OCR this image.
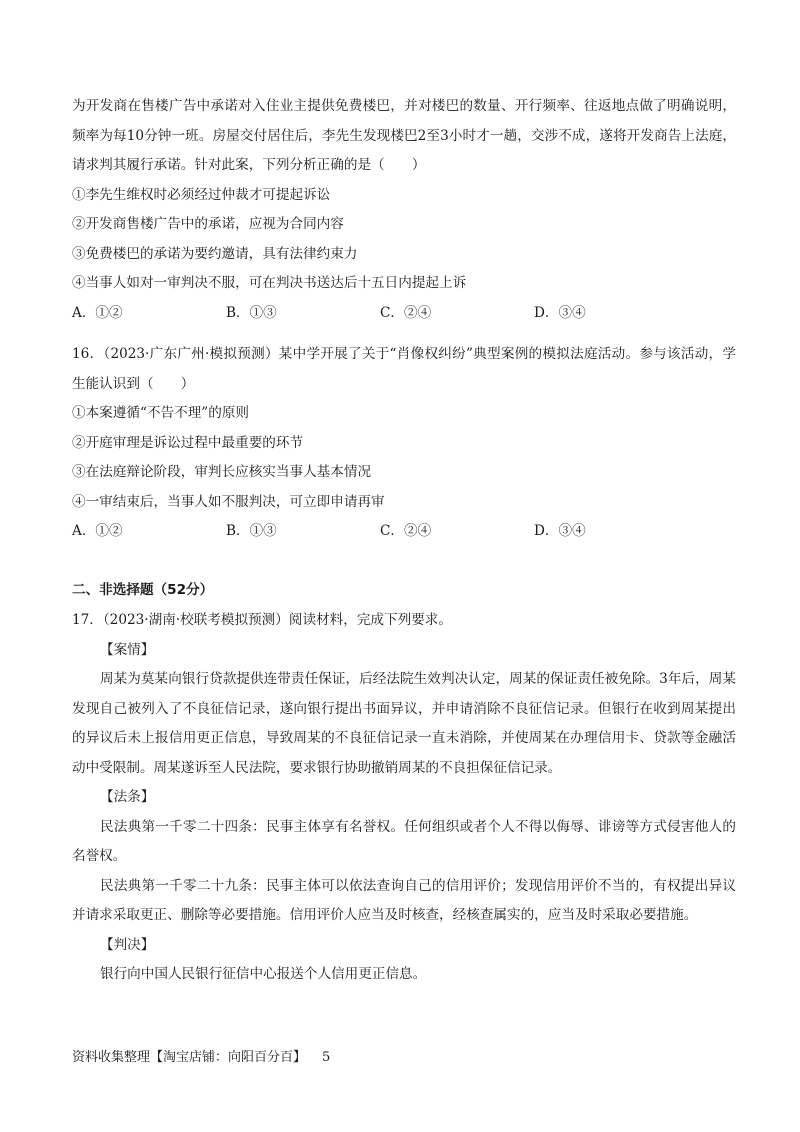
为开发商在售楼广告中承诺对入住业主提供免费楼巴，并对楼巴的数量、开行频率、往返地点做了明确说明，频率为每10分钟一班。房屋交付居住后，李先生发现楼巴2至3小时才一趟，交涉不成，遂将开发商告上法庭，请求判其履行承诺。针对此案，下列分析正确的是（　　）

①李先生维权时必须经过仲裁才可提起诉讼
②开发商售楼广告中的承诺，应视为合同内容
③免费楼巴的承诺为要约邀请，具有法律约束力
④当事人如对一审判决不服，可在判决书送达后十五日内提起上诉
A．①②	B．①③	C．②④	D．③④

16．（2023·广东广州·模拟预测）某中学开展了关于“肖像权纠纷”典型案例的模拟法庭活动。参与该活动，学生能认识到（　　）

①本案遵循“不告不理”的原则
②开庭审理是诉讼过程中最重要的环节
③在法庭辩论阶段，审判长应核实当事人基本情况
④一审结束后，当事人如不服判决，可立即申请再审
A．①②	B．①③	C．②④	D．③④
二、非选择题（52分）
17．（2023·湖南·校联考模拟预测）阅读材料，完成下列要求。
【案情】

周某为莫某向银行贷款提供连带责任保证，后经法院生效判决认定，周某的保证责任被免除。3年后，周某发现自己被列入了不良征信记录，遂向银行提出书面异议，并申请消除不良征信记录。但银行在收到周某提出的异议后未上报信用更正信息，导致周某的不良征信记录一直未消除，并使周某在办理信用卡、贷款等金融活动中受限制。周某遂诉至人民法院，要求银行协助撤销周某的不良担保征信记录。

【法条】

民法典第一千零二十四条：民事主体享有名誉权。任何组织或者个人不得以侮辱、诽谤等方式侵害他人的名誉权。

民法典第一千零二十九条：民事主体可以依法查询自己的信用评价；发现信用评价不当的，有权提出异议并请求采取更正、删除等必要措施。信用评价人应当及时核查，经核查属实的，应当及时采取必要措施。

【判决】

银行向中国人民银行征信中心报送个人信用更正信息。

资料收集整理【淘宝店铺：向阳百分百】 5
